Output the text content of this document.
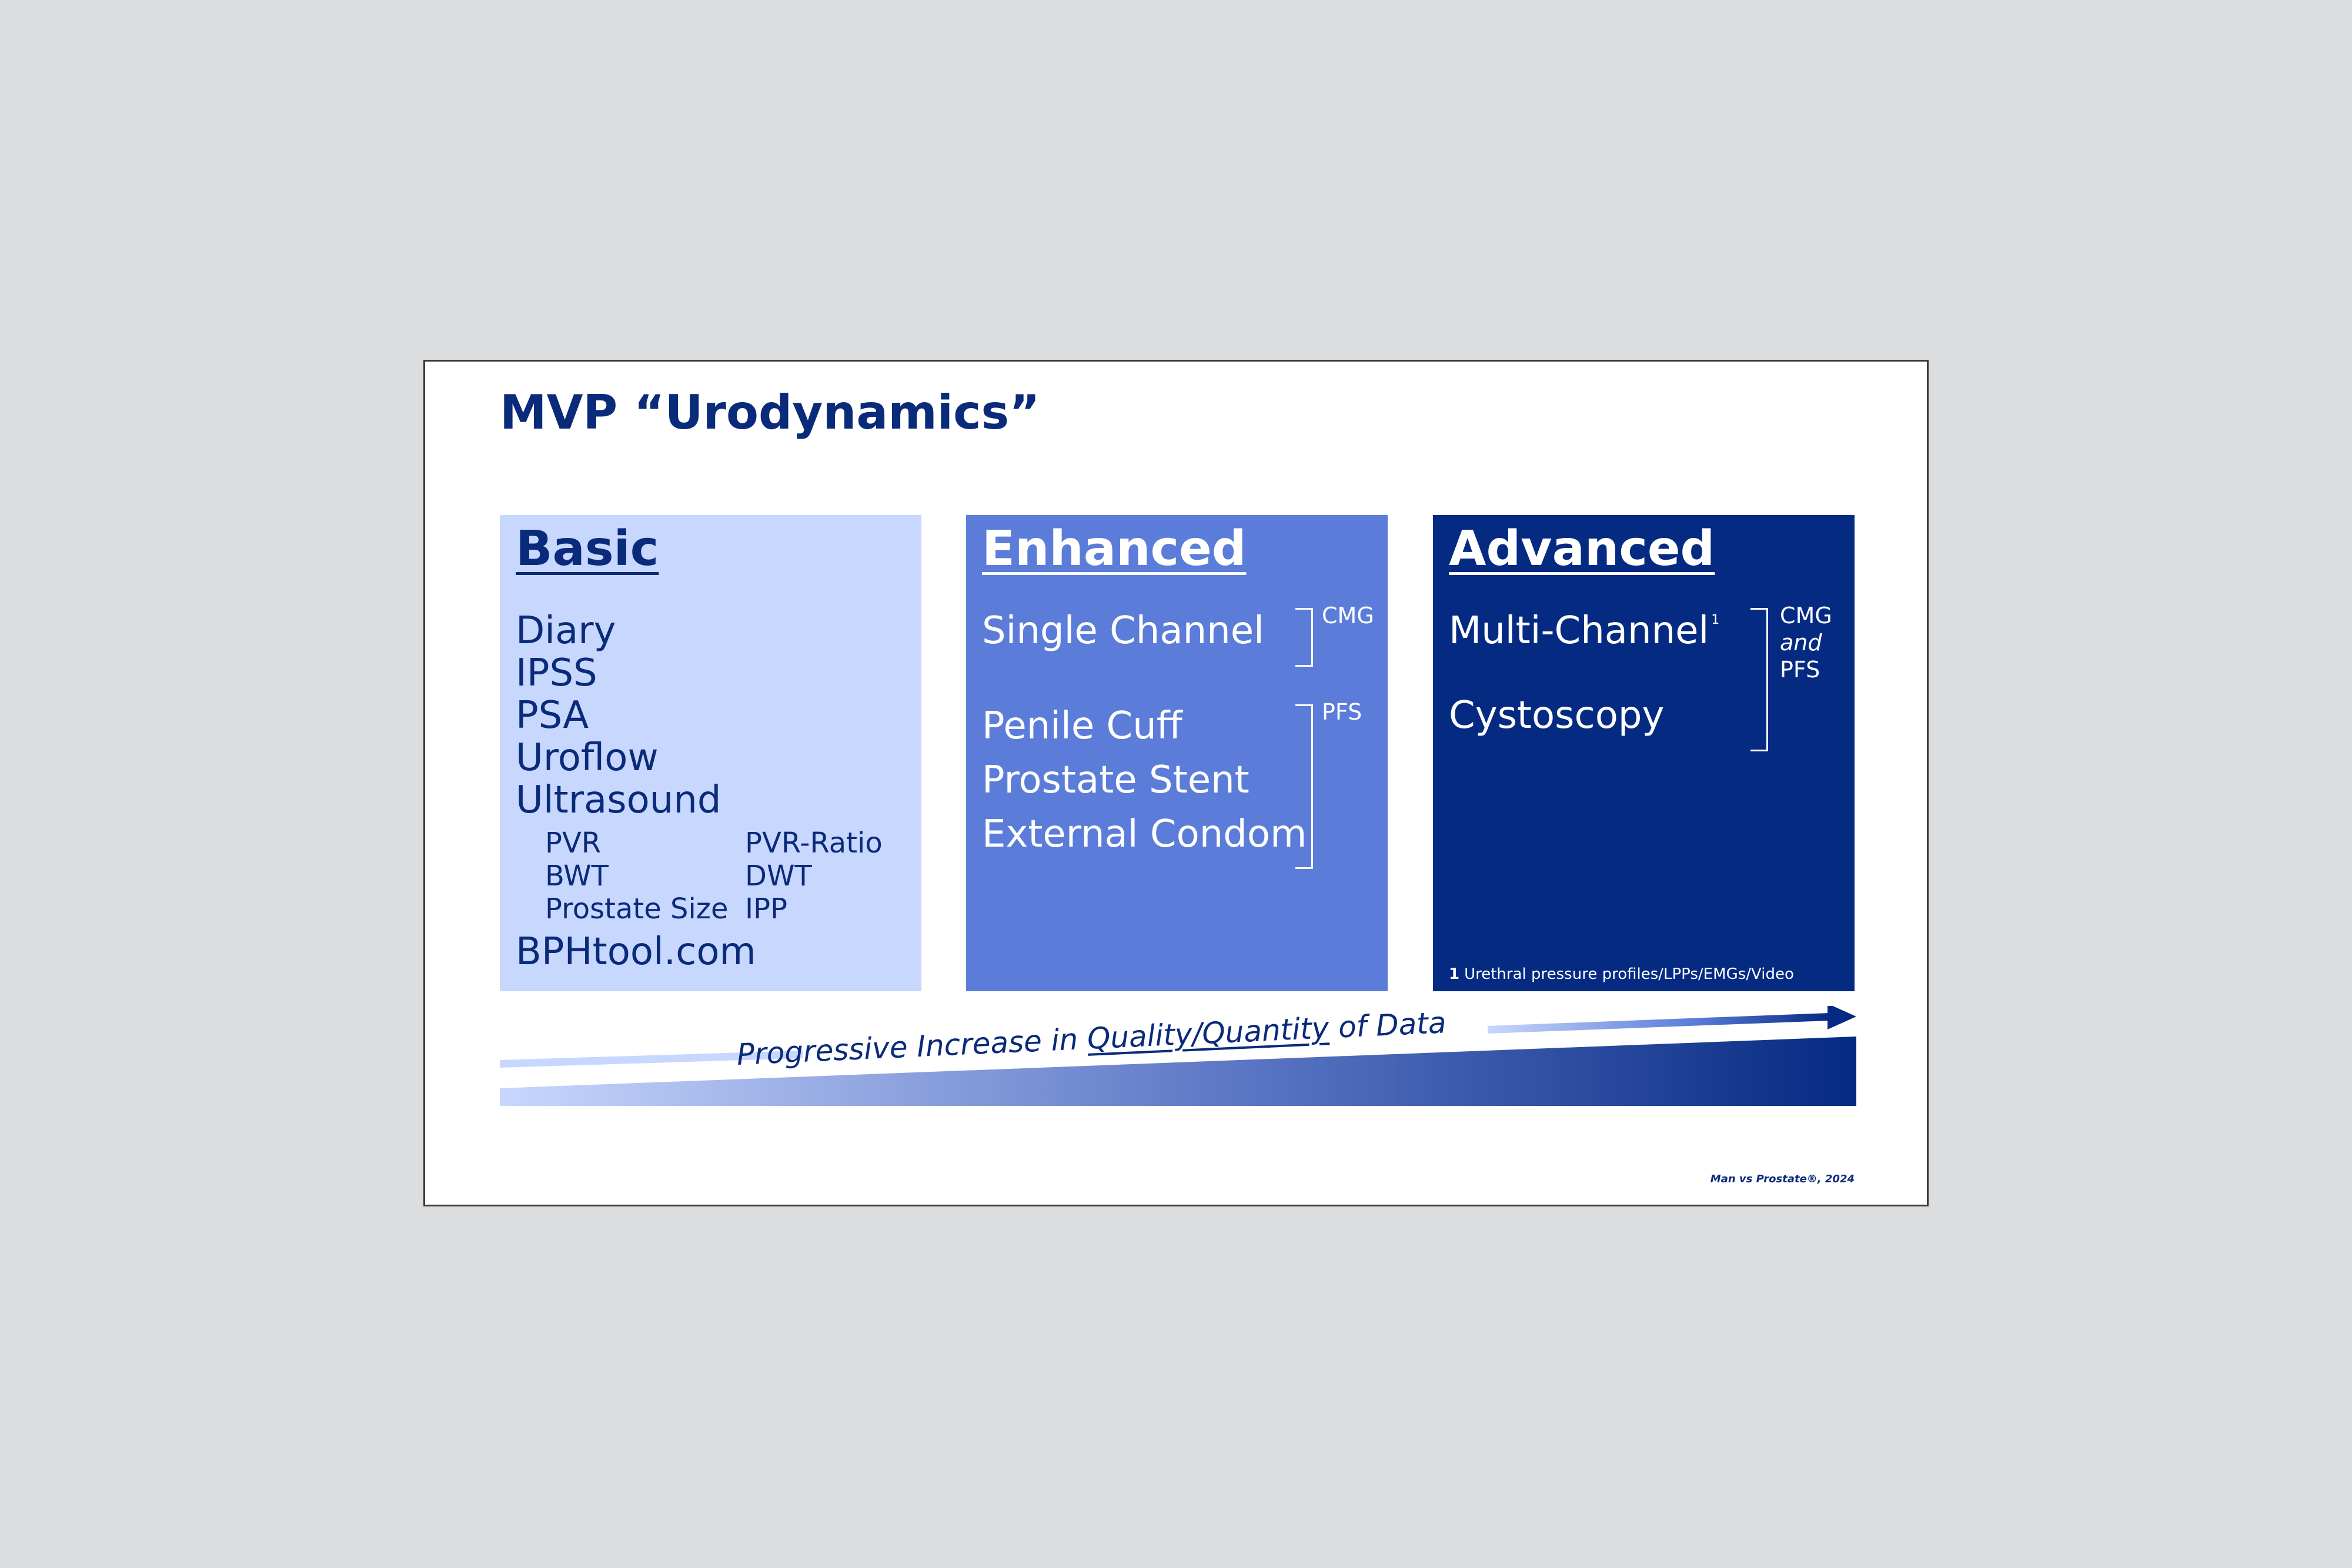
MVP “Urodynamics”
Basic
Diary
IPSS
PSA
Uroflow
Ultrasound
PVR
BWT
Prostate Size
PVR-Ratio
DWT
IPP
BPHtool.com
Enhanced
Single Channel	CMG
Penile Cuff
Prostate Stent
External Condom
PFS
Advanced
Multi-Channel $^1$
Cystoscopy
CMG
and
PFS
1 Urethral pressure profiles/LPPs/EMGs/Video
Progressive Increase in Quality/Quantity of Data
Man vs Prostate®, 2024
